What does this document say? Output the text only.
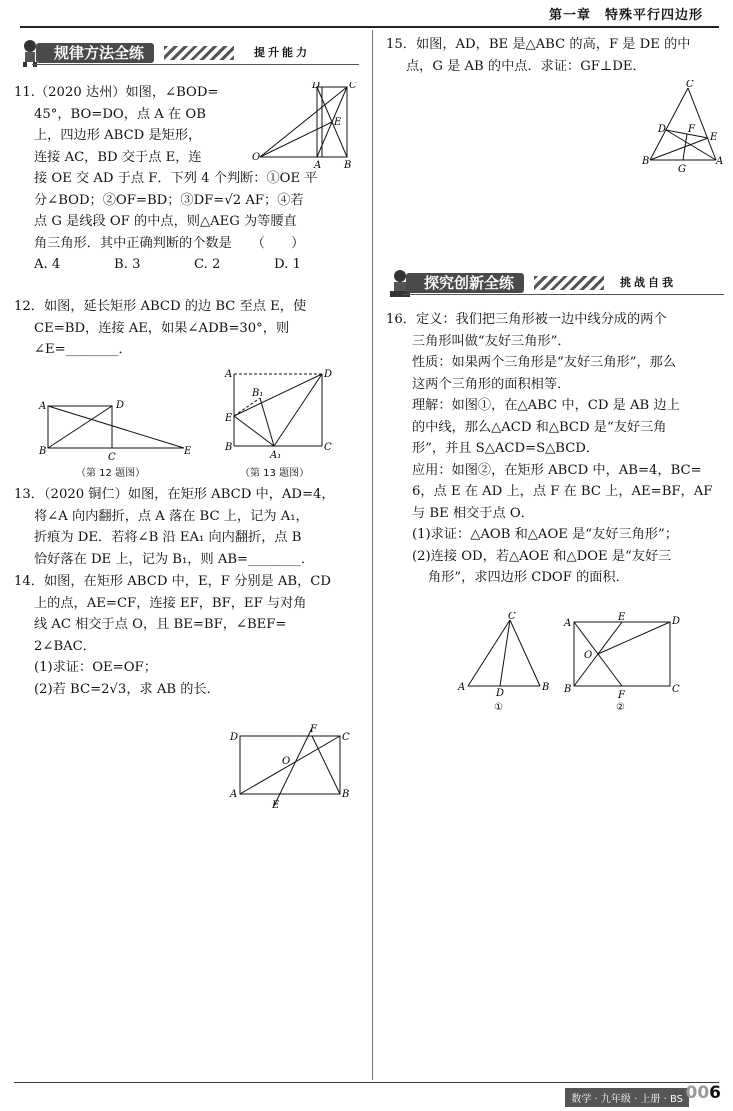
第一章　特殊平行四边形
规律方法全练	提升能力

11.（2020 达州）如图，∠BOD=

45°，BO=DO，点 A 在 OB

上，四边形 ABCD 是矩形，

连接 AC，BD 交于点 E，连

接 OE 交 AD 于点 F．下列 4 个判断：①OE 平

分∠BOD；②OF=BD；③DF=√2 AF；④若

点 G 是线段 OF 的中点，则△AEG 为等腰直

角三角形．其中正确判断的个数是　　（　　）

A. 4	B. 3	C. 2	D. 1

O
A B
D	C
E

12．如图，延长矩形 ABCD 的边 BC 至点 E，使

CE=BD，连接 AE，如果∠ADB=30°，则

∠E=________．

A	D
B
C
E
（第 12 题图）
A	D
E
B	C
B₁
A₁
（第 13 题图）

13．（2020 铜仁）如图，在矩形 ABCD 中，AD=4，

将∠A 向内翻折，点 A 落在 BC 上，记为 A₁，

折痕为 DE．若将∠B 沿 EA₁ 向内翻折，点 B

恰好落在 DE 上，记为 B₁，则 AB=________．

14．如图，在矩形 ABCD 中，E，F 分别是 AB，CD

上的点，AE=CF，连接 EF，BF，EF 与对角

线 AC 相交于点 O，且 BE=BF，∠BEF=

2∠BAC．

(1)求证：OE=OF；

(2)若 BC=2√3，求 AB 的长．

D	C
A	B
F
E
O

15．如图，AD，BE 是△ABC 的高，F 是 DE 的中

点，G 是 AB 的中点．求证：GF⊥DE．

C
D F
E
B
G
A
探究创新全练	挑战自我

16．定义：我们把三角形被一边中线分成的两个

三角形叫做“友好三角形”．

性质：如果两个三角形是“友好三角形”，那么

这两个三角形的面积相等．

理解：如图①，在△ABC 中，CD 是 AB 边上

的中线，那么△ACD 和△BCD 是“友好三角

形”，并且 S△ACD=S△BCD．

应用：如图②，在矩形 ABCD 中，AB=4，BC=

6，点 E 在 AD 上，点 F 在 BC 上，AE=BF，AF

与 BE 相交于点 O．

(1)求证：△AOB 和△AOE 是“友好三角形”；

(2)连接 OD，若△AOE 和△DOE 是“友好三

角形”，求四边形 CDOF 的面积．

C
A
D
B
①
A
E	D
O
B
F
C
②
数学 · 九年级 · 上册 · BS 006
